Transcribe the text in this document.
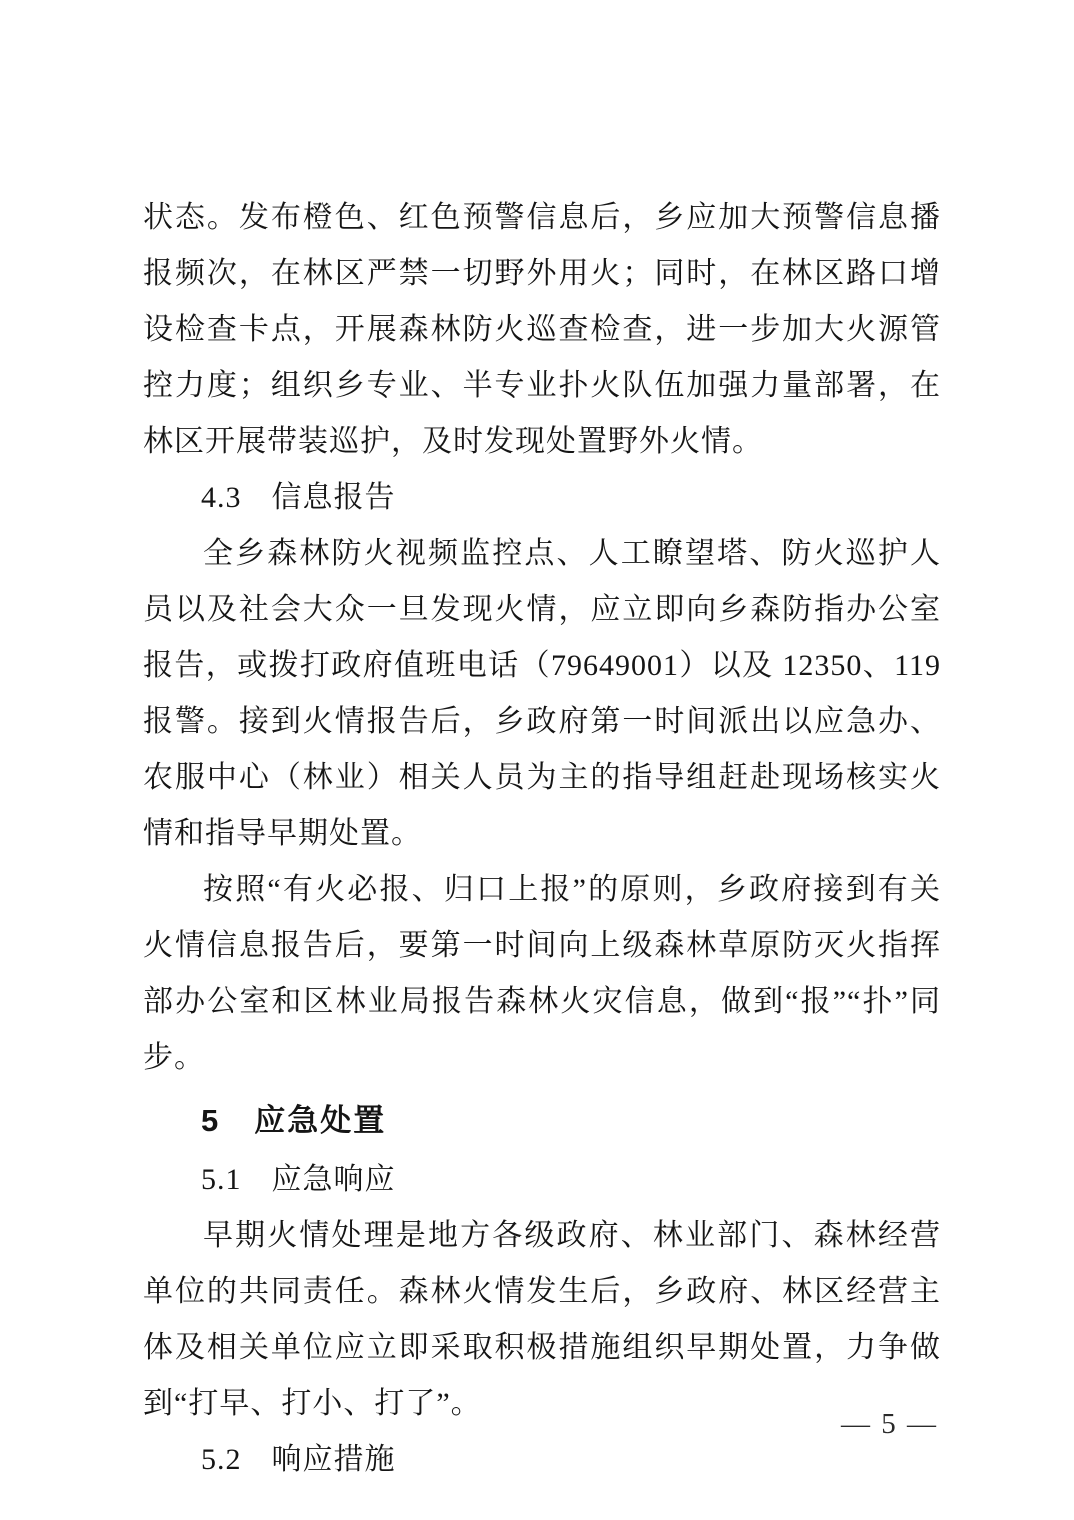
状态。发布橙色、红色预警信息后，乡应加大预警信息播报频次，在林区严禁一切野外用火；同时，在林区路口增设检查卡点，开展森林防火巡查检查，进一步加大火源管控力度；组织乡专业、半专业扑火队伍加强力量部署，在林区开展带装巡护，及时发现处置野外火情。

4.3 信息报告

全乡森林防火视频监控点、人工瞭望塔、防火巡护人员以及社会大众一旦发现火情，应立即向乡森防指办公室报告，或拨打政府值班电话（79649001）以及 12350、119 报警。接到火情报告后，乡政府第一时间派出以应急办、农服中心（林业）相关人员为主的指导组赶赴现场核实火情和指导早期处置。

按照“有火必报、归口上报”的原则，乡政府接到有关火情信息报告后，要第一时间向上级森林草原防灭火指挥部办公室和区林业局报告森林火灾信息，做到“报”“扑”同步。

5 应急处置
5.1 应急响应

早期火情处理是地方各级政府、林业部门、森林经营单位的共同责任。森林火情发生后，乡政府、林区经营主体及相关单位应立即采取积极措施组织早期处置，力争做到“打早、打小、打了”。

5.2 响应措施
— 5 —
